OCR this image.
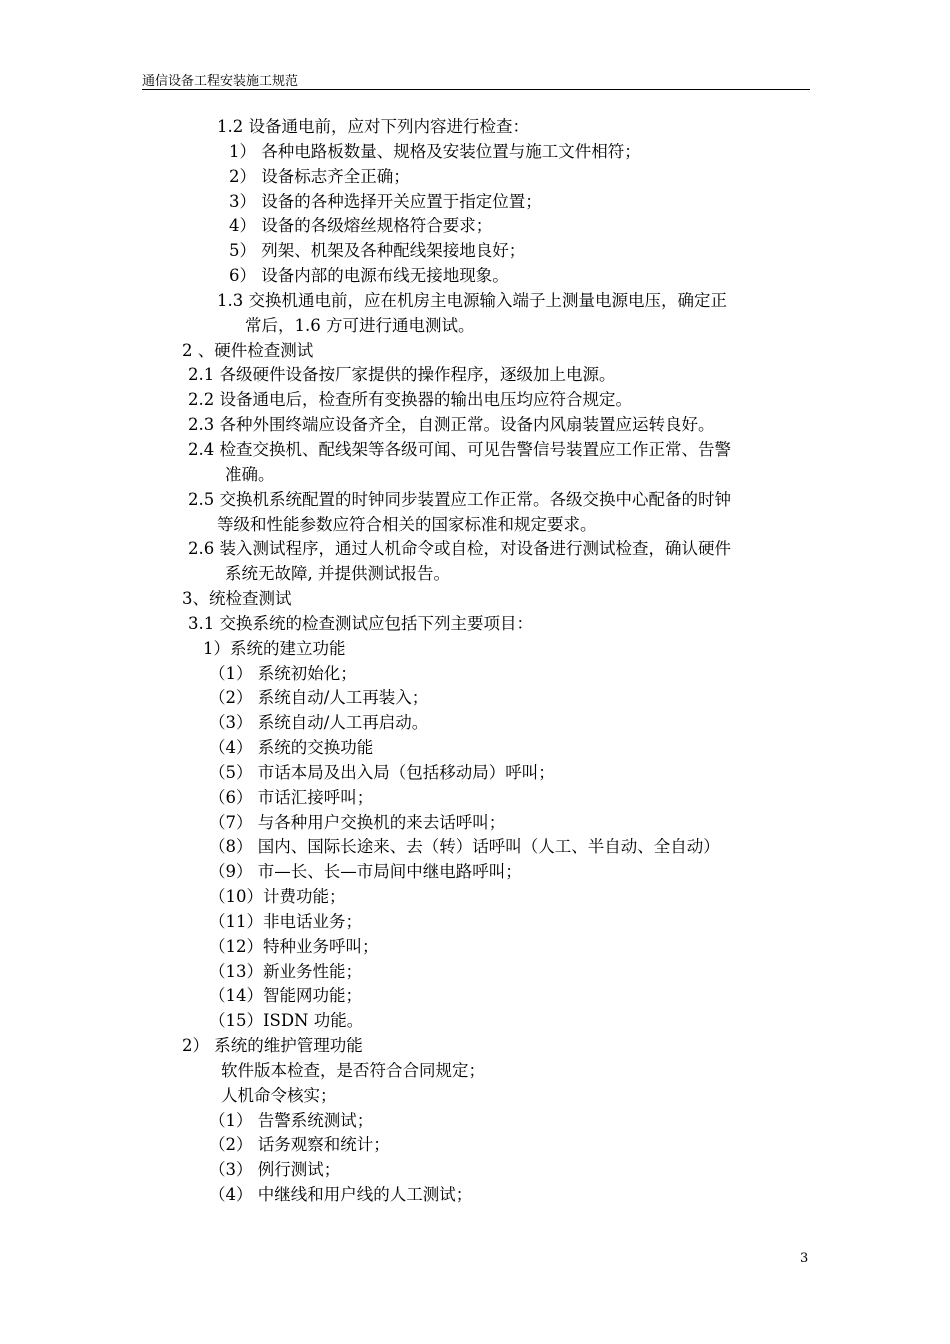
通信设备工程安装施工规范
1.2 设备通电前，应对下列内容进行检查：
1） 各种电路板数量、规格及安装位置与施工文件相符；
2） 设备标志齐全正确；
3） 设备的各种选择开关应置于指定位置；
4） 设备的各级熔丝规格符合要求；
5） 列架、机架及各种配线架接地良好；
6） 设备内部的电源布线无接地现象。
1.3 交换机通电前，应在机房主电源输入端子上测量电源电压，确定正
常后，1.6 方可进行通电测试。
2 、硬件检查测试
2.1 各级硬件设备按厂家提供的操作程序，逐级加上电源。
2.2 设备通电后，检查所有变换器的输出电压均应符合规定。
2.3 各种外围终端应设备齐全，自测正常。设备内风扇装置应运转良好。
2.4 检查交换机、配线架等各级可闻、可见告警信号装置应工作正常、告警
准确。
2.5 交换机系统配置的时钟同步装置应工作正常。各级交换中心配备的时钟
等级和性能参数应符合相关的国家标准和规定要求。
2.6 装入测试程序，通过人机命令或自检，对设备进行测试检查，确认硬件
系统无故障, 并提供测试报告。
3、统检查测试
3.1 交换系统的检查测试应包括下列主要项目：
1）系统的建立功能
（1） 系统初始化；
（2） 系统自动/人工再装入；
（3） 系统自动/人工再启动。
（4） 系统的交换功能
（5） 市话本局及出入局（包括移动局）呼叫；
（6） 市话汇接呼叫；
（7） 与各种用户交换机的来去话呼叫；
（8） 国内、国际长途来、去（转）话呼叫（人工、半自动、全自动）
（9） 市—长、长—市局间中继电路呼叫；
（10）计费功能；
（11）非电话业务；
（12）特种业务呼叫；
（13）新业务性能；
（14）智能网功能；
（15）ISDN 功能。
2） 系统的维护管理功能
软件版本检查，是否符合合同规定；
人机命令核实；
（1） 告警系统测试；
（2） 话务观察和统计；
（3） 例行测试；
（4） 中继线和用户线的人工测试；
3
